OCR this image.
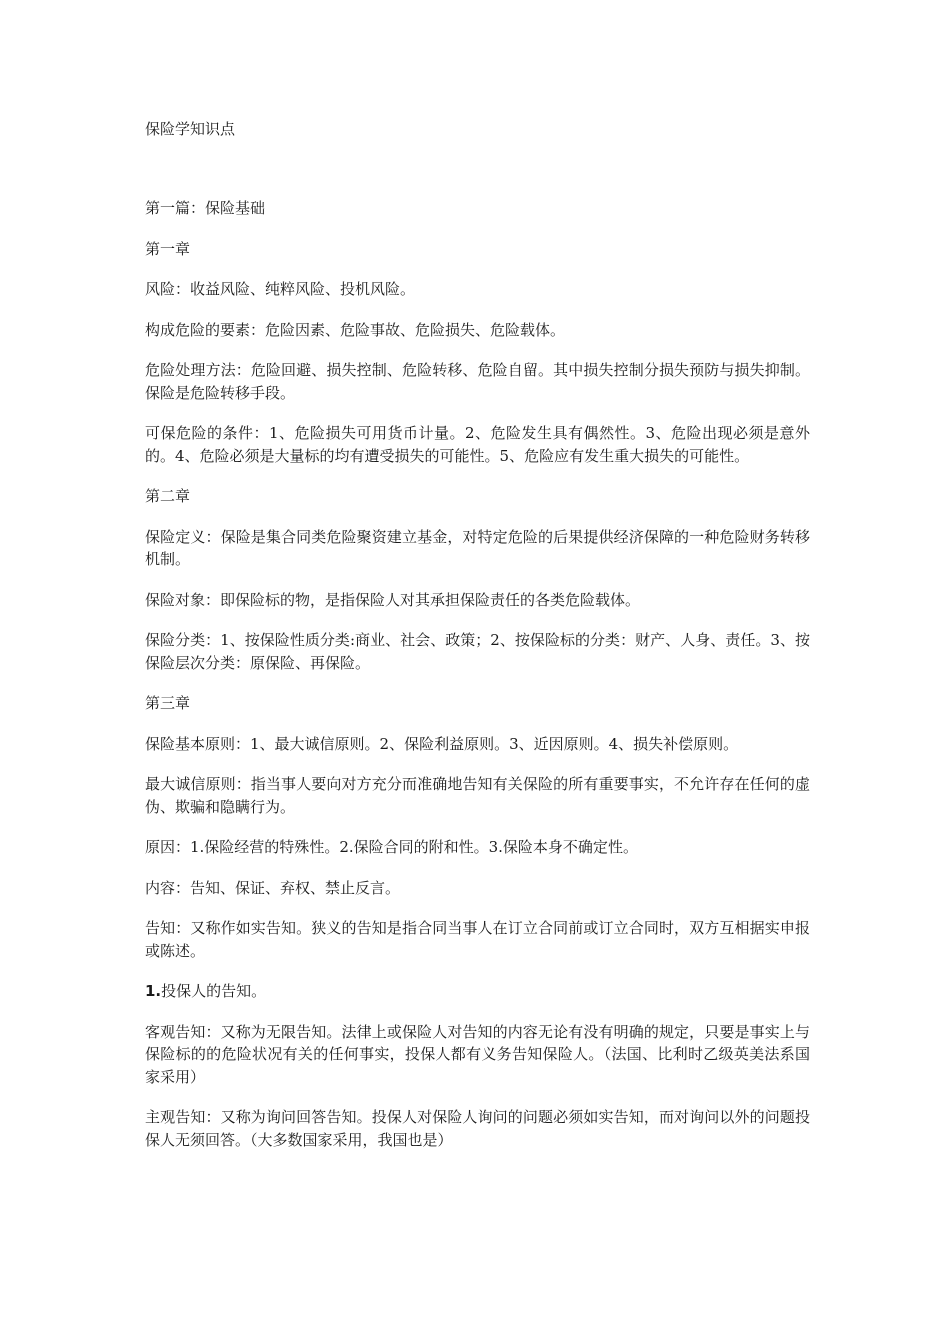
保险学知识点

第一篇：保险基础

第一章

风险：收益风险、纯粹风险、投机风险。

构成危险的要素：危险因素、危险事故、危险损失、危险载体。

危险处理方法：危险回避、损失控制、危险转移、危险自留。其中损失控制分损失预防与损失抑制。保险是危险转移手段。

可保危险的条件：1、危险损失可用货币计量。2、危险发生具有偶然性。3、危险出现必须是意外的。4、危险必须是大量标的均有遭受损失的可能性。5、危险应有发生重大损失的可能性。

第二章

保险定义：保险是集合同类危险聚资建立基金，对特定危险的后果提供经济保障的一种危险财务转移机制。

保险对象：即保险标的物，是指保险人对其承担保险责任的各类危险载体。

保险分类：1、按保险性质分类:商业、社会、政策；2、按保险标的分类：财产、人身、责任。3、按保险层次分类：原保险、再保险。

第三章

保险基本原则：1、最大诚信原则。2、保险利益原则。3、近因原则。4、损失补偿原则。

最大诚信原则：指当事人要向对方充分而准确地告知有关保险的所有重要事实，不允许存在任何的虚伪、欺骗和隐瞒行为。

原因：1.保险经营的特殊性。2.保险合同的附和性。3.保险本身不确定性。

内容：告知、保证、弃权、禁止反言。

告知：又称作如实告知。狭义的告知是指合同当事人在订立合同前或订立合同时，双方互相据实申报或陈述。

1.投保人的告知。

客观告知：又称为无限告知。法律上或保险人对告知的内容无论有没有明确的规定，只要是事实上与保险标的的危险状况有关的任何事实，投保人都有义务告知保险人。（法国、比利时乙级英美法系国家采用）

主观告知：又称为询问回答告知。投保人对保险人询问的问题必须如实告知，而对询问以外的问题投保人无须回答。（大多数国家采用，我国也是）
